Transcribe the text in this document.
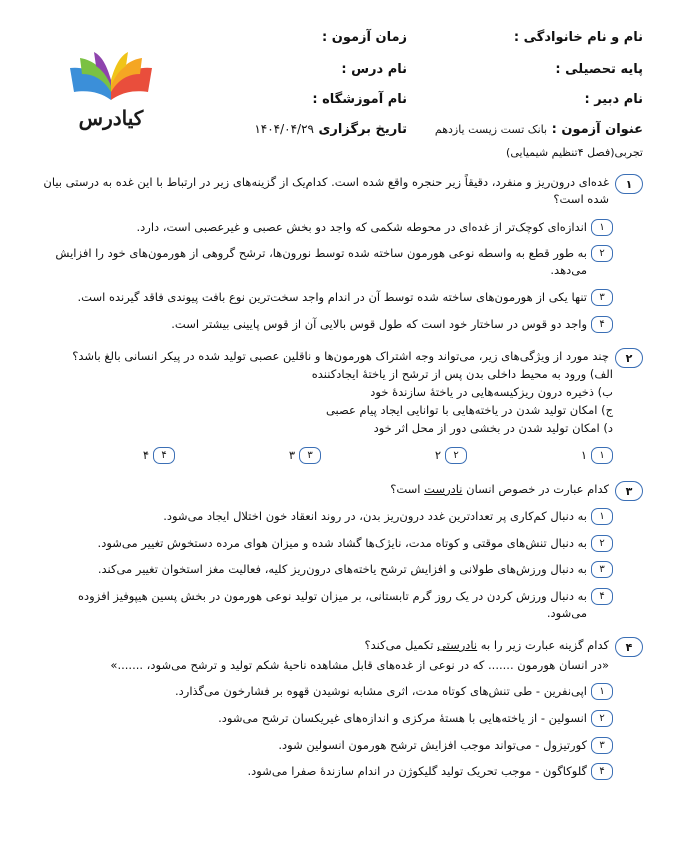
نام و نام خانوادگی :
زمان آزمون :
پایه تحصیلی :
نام درس :
نام دبیر :
نام آموزشگاه :
عنوان آزمون : بانک تست زیست یازدهم
تجربی(فصل ۴تنظیم شیمیایی)
تاریخ برگزاری ۱۴۰۴/۰۴/۲۹
کیادرس
۱
غده‌ای درون‌ریز و منفرد، دقیقاً زیر حنجره واقع شده است. کدام‌یک از گزینه‌های زیر در ارتباط با این غده به درستی بیان شده است؟
۱
اندازه‌ای کوچک‌تر از غده‌ای در محوطه شکمی که واجد دو بخش عصبی و غیرعصبی است، دارد.
۲
به طور قطع به واسطه نوعی هورمون ساخته شده توسط نورون‌ها، ترشح گروهی از هورمون‌های خود را افزایش می‌دهد.
۳
تنها یکی از هورمون‌های ساخته شده توسط آن در اندام واجد سخت‌ترین نوع بافت پیوندی فاقد گیرنده است.
۴
واجد دو قوس در ساختار خود است که طول قوس بالایی آن از قوس پایینی بیشتر است.
۲
چند مورد از ویژگی‌های زیر، می‌تواند وجه اشتراک هورمون‌ها و ناقلین عصبی تولید شده در پیکر انسانی بالغ باشد؟
الف) ورود به محیط داخلی بدن پس از ترشح از یاختهٔ ایجادکننده
ب) ذخیره درون ریزکیسه‌هایی در یاختهٔ سازندهٔ خود
ج) امکان تولید شدن در یاخته‌هایی با توانایی ایجاد پیام عصبی
د) امکان تولید شدن در بخشی دور از محل اثر خود
۱
۱
۲
۲
۳
۳
۴
۴
۳
کدام عبارت در خصوص انسان نادرست است؟
۱
به دنبال کم‌کاری پر تعدادترین غدد درون‌ریز بدن، در روند انعقاد خون اختلال ایجاد می‌شود.
۲
به دنبال تنش‌های موقتی و کوتاه مدت، نایژک‌ها گشاد شده و میزان هوای مرده دستخوش تغییر می‌شود.
۳
به دنبال ورزش‌های طولانی و افزایش ترشح یاخته‌های درون‌ریز کلیه، فعالیت مغز استخوان تغییر می‌کند.
۴
به دنبال ورزش کردن در یک روز گرم تابستانی، بر میزان تولید نوعی هورمون در بخش پسین هیپوفیز افزوده می‌شود.
۴
کدام گزینه عبارت زیر را به نادرستی تکمیل می‌کند؟
«در انسان هورمون ....... که در نوعی از غده‌های قابل مشاهده ناحیهٔ شکم تولید و ترشح می‌شود، .......»
۱
اپی‌نفرین - طی تنش‌های کوتاه مدت، اثری مشابه نوشیدن قهوه بر فشارخون می‌گذارد.
۲
انسولین - از یاخته‌هایی با هستهٔ مرکزی و اندازه‌های غیریکسان ترشح می‌شود.
۳
کورتیزول - می‌تواند موجب افزایش ترشح هورمون انسولین شود.
۴
گلوکاگون - موجب تحریک تولید گلیکوژن در اندام سازندهٔ صفرا می‌شود.
